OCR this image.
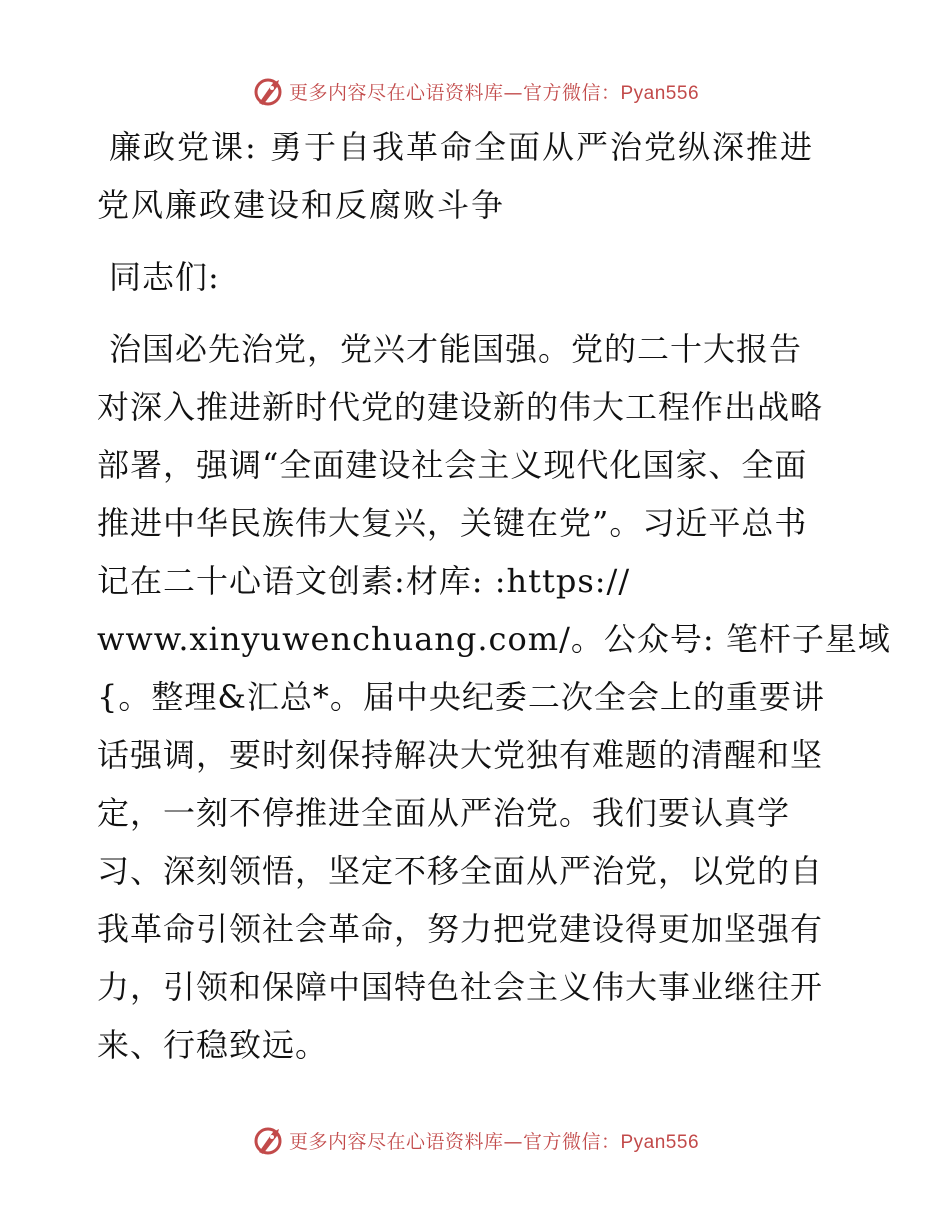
更多内容尽在心语资料库—官方微信：Pyan556
廉政党课: 勇于自我革命全面从严治党纵深推进
党风廉政建设和反腐败斗争
同志们:
治国必先治党，党兴才能国强。党的二十大报告
对深入推进新时代党的建设新的伟大工程作出战略
部署，强调“全面建设社会主义现代化国家、全面
推进中华民族伟大复兴，关键在党”。习近平总书
记在二十心语文创素:材库: :https://
www.xinyuwenchuang.com/。公众号: 笔杆子星域
{。整理&汇总*。届中央纪委二次全会上的重要讲
话强调，要时刻保持解决大党独有难题的清醒和坚
定，一刻不停推进全面从严治党。我们要认真学
习、深刻领悟，坚定不移全面从严治党，以党的自
我革命引领社会革命，努力把党建设得更加坚强有
力，引领和保障中国特色社会主义伟大事业继往开
来、行稳致远。
更多内容尽在心语资料库—官方微信：Pyan556
